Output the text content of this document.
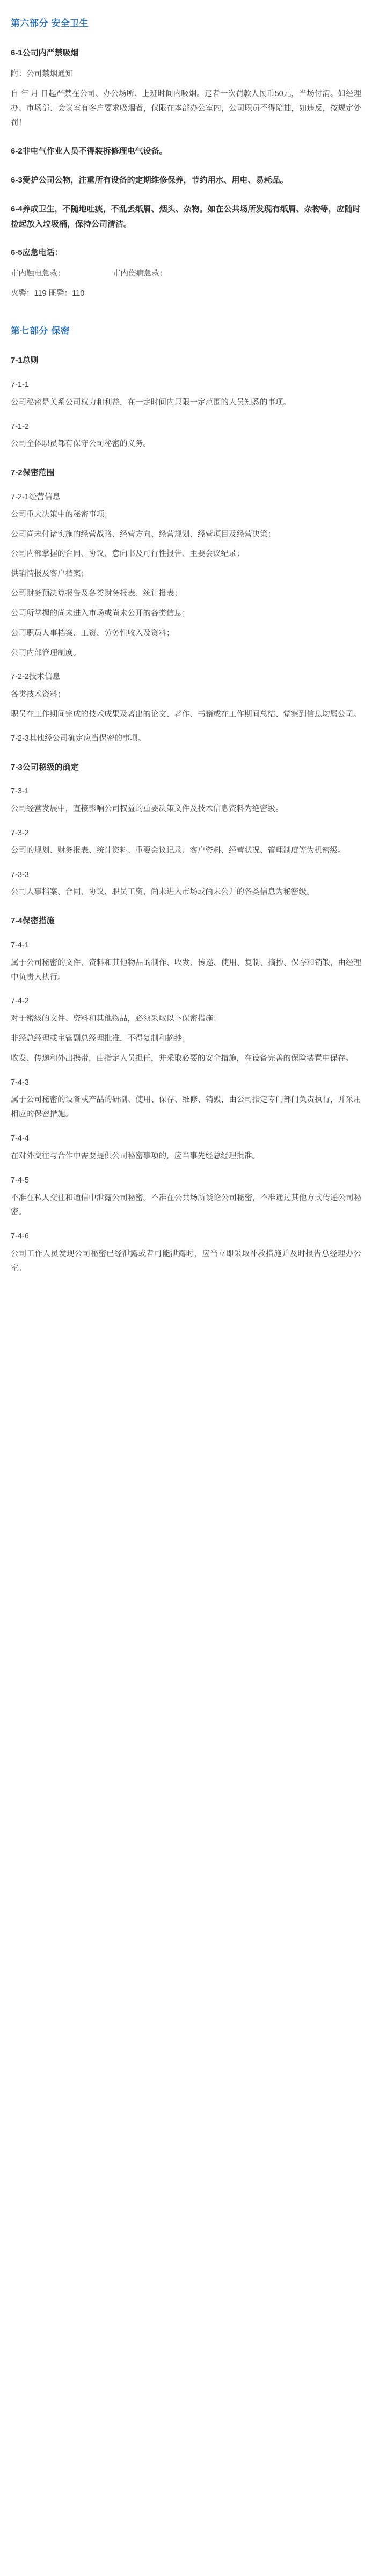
第六部分 安全卫生
6-1公司内严禁吸烟

附：公司禁烟通知

自 年 月 日起严禁在公司、办公场所、上班时间内吸烟。违者一次罚款人民币50元，当场付清。如经理办、市场部、会议室有客户要求吸烟者，仅限在本部办公室内，公司职员不得陪抽，如违反，按规定处罚！

6-2非电气作业人员不得装拆修理电气设备。
6-3爱护公司公物，注重所有设备的定期维修保养，节约用水、用电、易耗品。
6-4养成卫生，不随地吐痰，不乱丢纸屑、烟头、杂物。如在公共场所发现有纸屑、杂物等，应随时捡起放入垃圾桶，保持公司清洁。
6-5应急电话：

市内触电急救：	市内伤病急救：

火警：119 匪警：110

第七部分 保密
7-1总则

7-1-1

公司秘密是关系公司权力和利益，在一定时间内只限一定范围的人员知悉的事项。

7-1-2

公司全体职员都有保守公司秘密的义务。

7-2保密范围

7-2-1经营信息

公司重大决策中的秘密事项；

公司尚未付诸实施的经营战略、经营方向、经营规划、经营项目及经营决策；

公司内部掌握的合同、协议、意向书及可行性报告、主要会议纪录；

供销情报及客户档案；

公司财务预决算报告及各类财务报表、统计报表；

公司所掌握的尚未进入市场或尚未公开的各类信息；

公司职员人事档案、工资、劳务性收入及资料；

公司内部管理制度。

7-2-2技术信息

各类技术资料；

职员在工作期间完成的技术成果及著出的论文、著作、书籍或在工作期间总结、觉察到信息均属公司。

7-2-3其他经公司确定应当保密的事项。

7-3公司秘级的确定

7-3-1

公司经营发展中，直接影响公司权益的重要决策文件及技术信息资料为绝密级。

7-3-2

公司的规划、财务报表、统计资料、重要会议记录、客户资料、经营状况、管理制度等为机密级。

7-3-3

公司人事档案、合同、协议、职员工资、尚未进入市场或尚未公开的各类信息为秘密级。

7-4保密措施

7-4-1

属于公司秘密的文件、资料和其他物品的制作、收发、传递、使用、复制、摘抄、保存和销锻，由经理中负责人执行。

7-4-2

对于密级的文件、资料和其他物品，必须采取以下保密措施：

非经总经理或主管副总经理批准，不得复制和摘抄；

收发、传递和外出携带，由指定人员担任，并采取必要的安全措施，在设备完善的保险装置中保存。

7-4-3

属于公司秘密的设备或产品的研制、使用、保存、维修、销毁，由公司指定专门部门负责执行，并采用相应的保密措施。

7-4-4

在对外交往与合作中需要提供公司秘密事项的，应当事先经总经理批准。

7-4-5

不准在私人交往和通信中泄露公司秘密。不准在公共场所谈论公司秘密，不准通过其他方式传递公司秘密。

7-4-6

公司工作人员发现公司秘密已经泄露或者可能泄露时，应当立即采取补救措施并及时报告总经理办公室。
